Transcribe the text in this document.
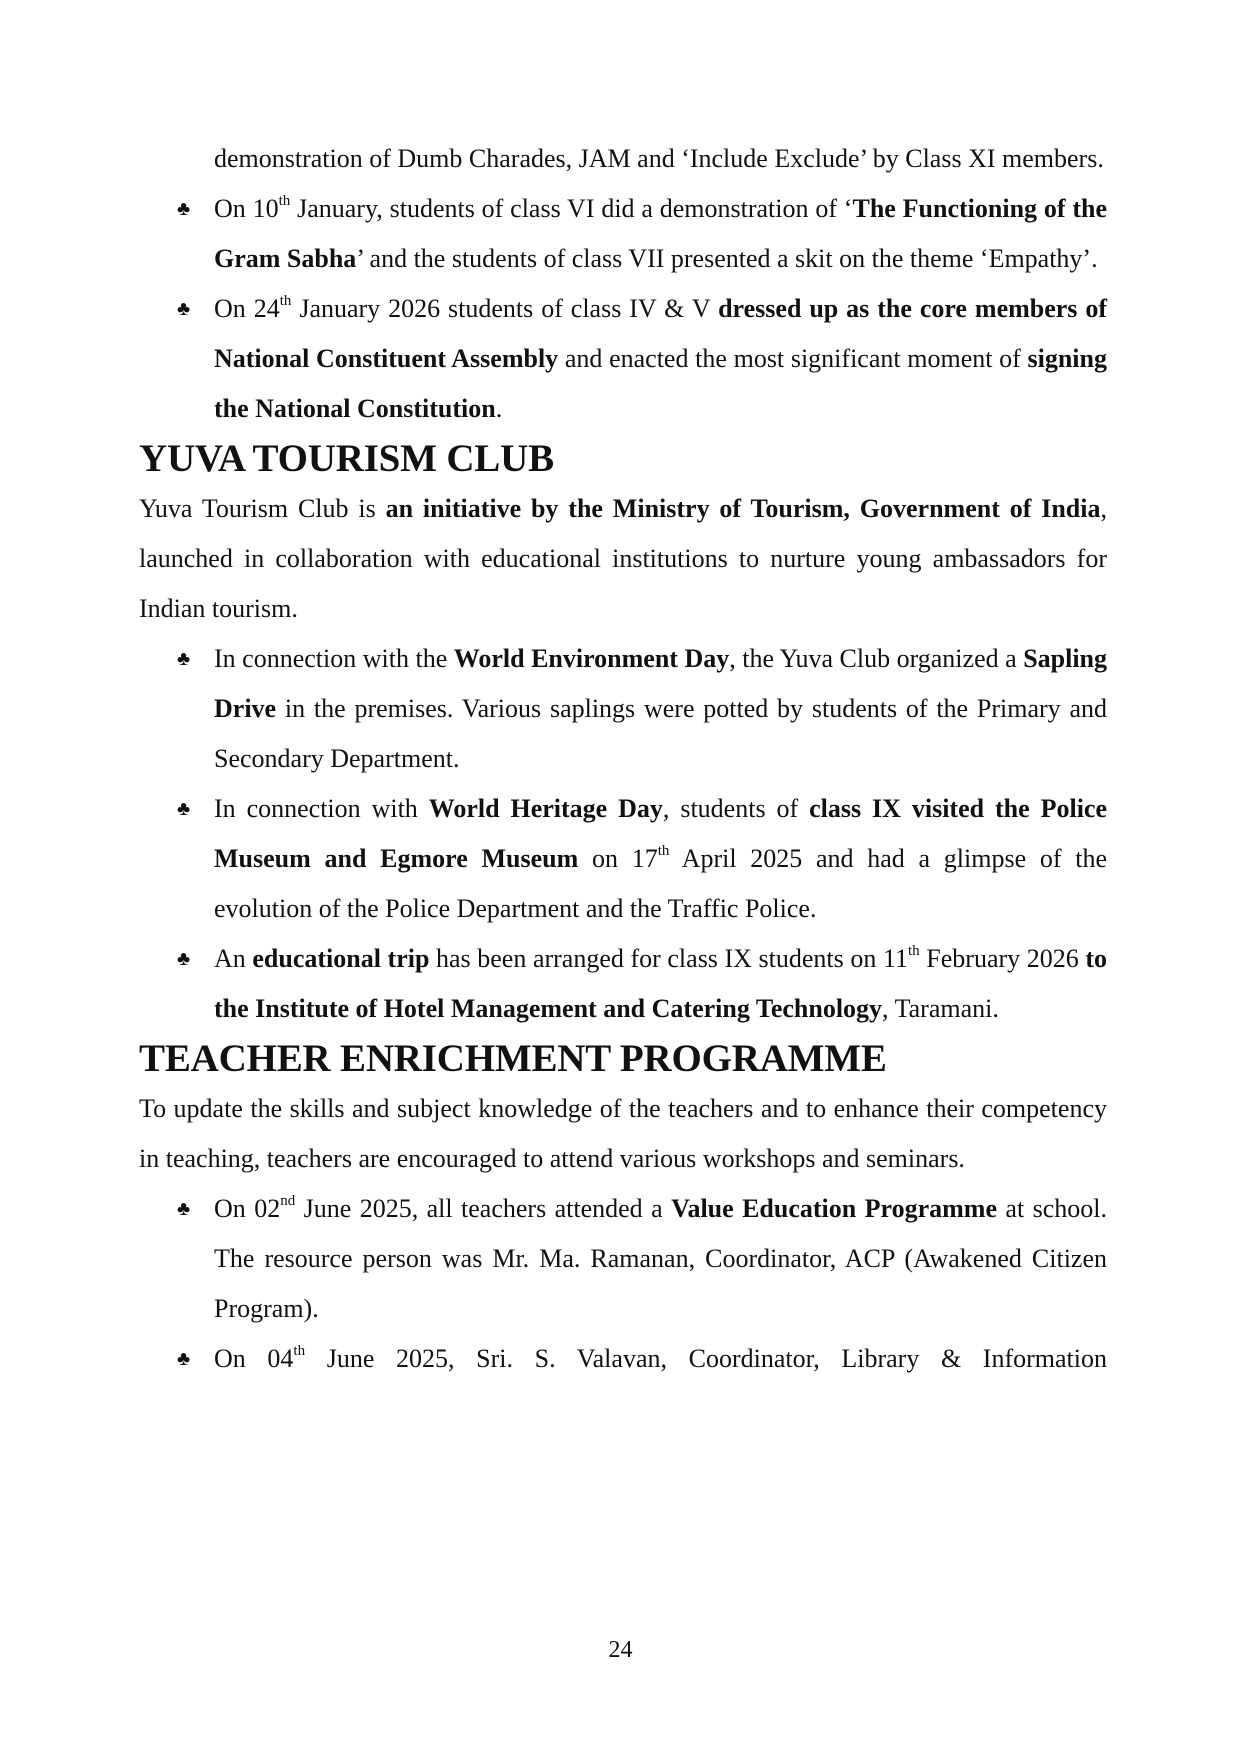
demonstration of Dumb Charades, JAM and ‘Include Exclude’ by Class XI members.

♣ On 10th January, students of class VI did a demonstration of ‘The Functioning of the Gram Sabha’ and the students of class VII presented a skit on the theme ‘Empathy’.

♣ On 24th January 2026 students of class IV & V dressed up as the core members of National Constituent Assembly and enacted the most significant moment of signing the National Constitution.

YUVA TOURISM CLUB

Yuva Tourism Club is an initiative by the Ministry of Tourism, Government of India, launched in collaboration with educational institutions to nurture young ambassadors for Indian tourism.

♣ In connection with the World Environment Day, the Yuva Club organized a Sapling Drive in the premises. Various saplings were potted by students of the Primary and Secondary Department.

♣ In connection with World Heritage Day, students of class IX visited the Police Museum and Egmore Museum on 17th April 2025 and had a glimpse of the evolution of the Police Department and the Traffic Police.

♣ An educational trip has been arranged for class IX students on 11th February 2026 to the Institute of Hotel Management and Catering Technology, Taramani.

TEACHER ENRICHMENT PROGRAMME

To update the skills and subject knowledge of the teachers and to enhance their competency in teaching, teachers are encouraged to attend various workshops and seminars.

♣ On 02nd June 2025, all teachers attended a Value Education Programme at school. The resource person was Mr. Ma. Ramanan, Coordinator, ACP (Awakened Citizen Program).

♣ On 04th June 2025, Sri. S. Valavan, Coordinator, Library & Information

24
